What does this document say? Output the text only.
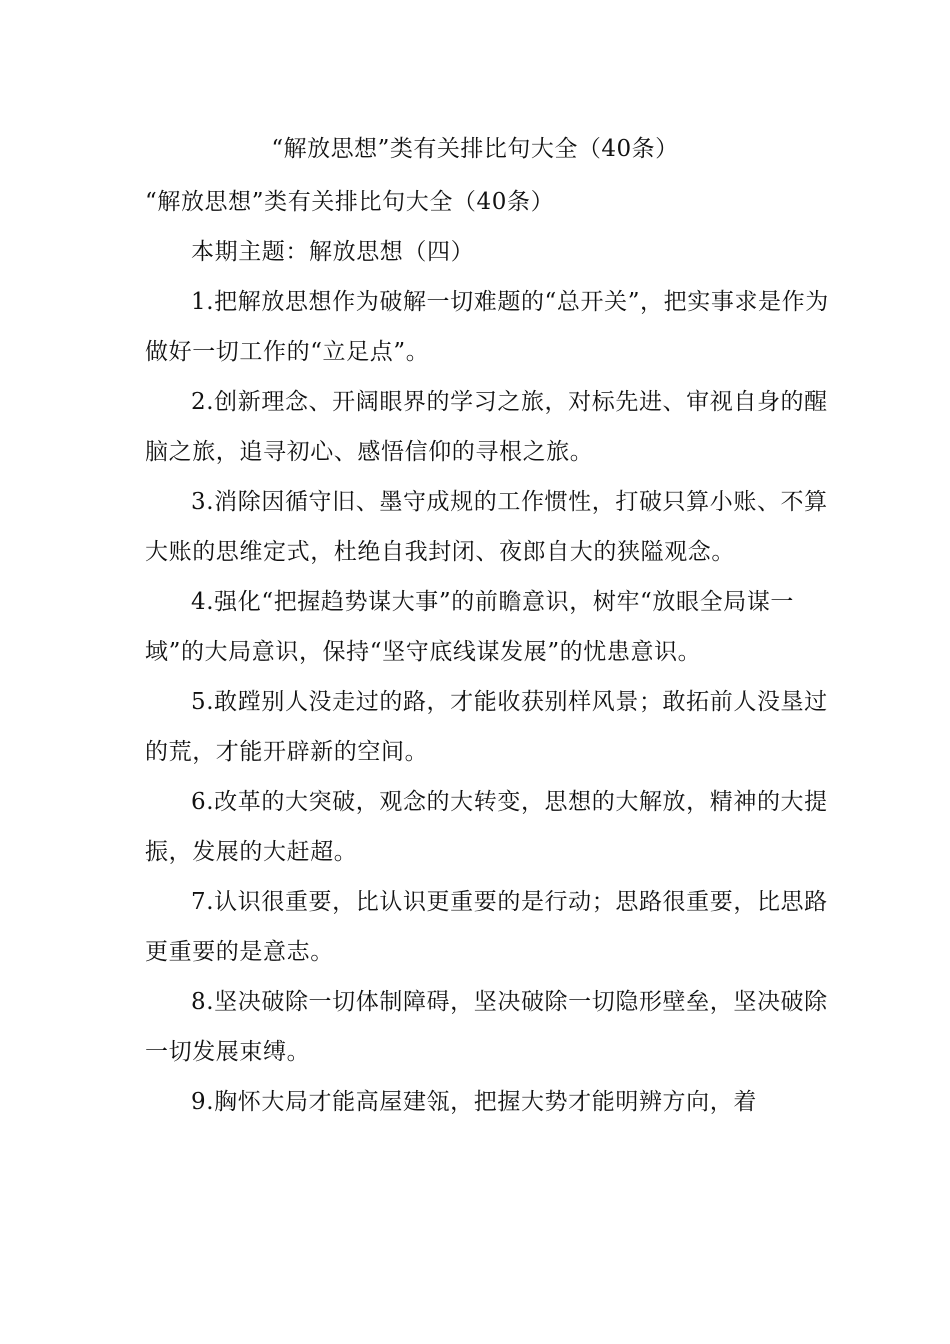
“解放思想”类有关排比句大全（40条）

“解放思想”类有关排比句大全（40条）

本期主题：解放思想（四）

1.把解放思想作为破解一切难题的“总开关”，把实事求是作为做好一切工作的“立足点”。

2.创新理念、开阔眼界的学习之旅，对标先进、审视自身的醒脑之旅，追寻初心、感悟信仰的寻根之旅。

3.消除因循守旧、墨守成规的工作惯性，打破只算小账、不算大账的思维定式，杜绝自我封闭、夜郎自大的狭隘观念。

4.强化“把握趋势谋大事”的前瞻意识，树牢“放眼全局谋一域”的大局意识，保持“坚守底线谋发展”的忧患意识。

5.敢蹚别人没走过的路，才能收获别样风景；敢拓前人没垦过的荒，才能开辟新的空间。

6.改革的大突破，观念的大转变，思想的大解放，精神的大提振，发展的大赶超。

7.认识很重要，比认识更重要的是行动；思路很重要，比思路更重要的是意志。

8.坚决破除一切体制障碍，坚决破除一切隐形壁垒，坚决破除一切发展束缚。

9.胸怀大局才能高屋建瓴，把握大势才能明辨方向，着
